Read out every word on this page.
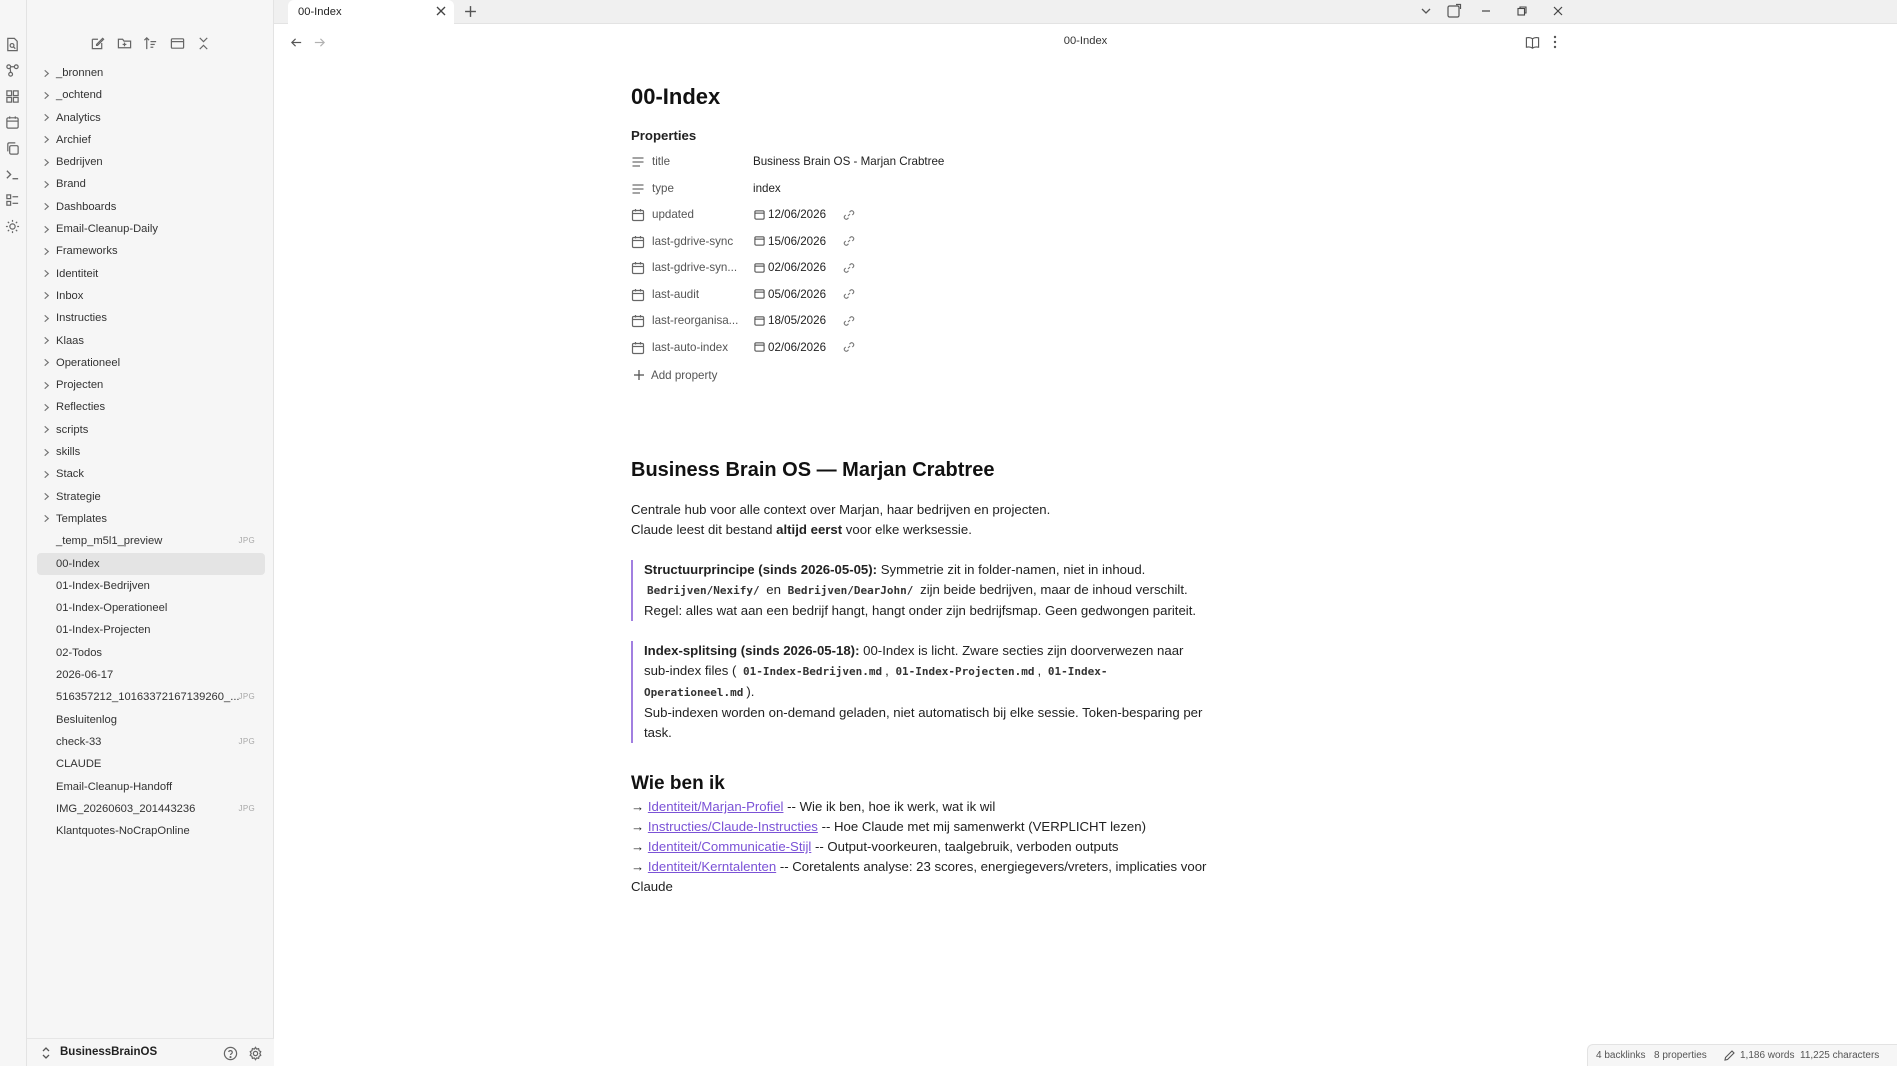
_bronnen
_ochtend
Analytics
Archief
Bedrijven
Brand
Dashboards
Email-Cleanup-Daily
Frameworks
Identiteit
Inbox
Instructies
Klaas
Operationeel
Projecten
Reflecties
scripts
skills
Stack
Strategie
Templates
_temp_m5l1_preview	JPG
00-Index
01-Index-Bedrijven
01-Index-Operationeel
01-Index-Projecten
02-Todos
2026-06-17
516357212_10163372167139260_...
JPG
Besluitenlog
check-33	JPG
CLAUDE
Email-Cleanup-Handoff
IMG_20260603_201443236	JPG
Klantquotes-NoCrapOnline
BusinessBrainOS
00-Index
00-Index
00-Index
Properties
title	Business Brain OS - Marjan Crabtree
type	index
updated	12/06/2026
last-gdrive-sync	15/06/2026
last-gdrive-syn...	02/06/2026
last-audit	05/06/2026
last-reorganisa...	18/05/2026
last-auto-index	02/06/2026
Add property
Business Brain OS — Marjan Crabtree

Centrale hub voor alle context over Marjan, haar bedrijven en projecten.
Claude leest dit bestand altijd eerst voor elke werksessie.

Structuurprincipe (sinds 2026-05-05): Symmetrie zit in folder-namen, niet in inhoud.
Bedrijven/Nexify/ en Bedrijven/DearJohn/ zijn beide bedrijven, maar de inhoud verschilt.
Regel: alles wat aan een bedrijf hangt, hangt onder zijn bedrijfsmap. Geen gedwongen pariteit.
Index-splitsing (sinds 2026-05-18): 00-Index is licht. Zware secties zijn doorverwezen naar sub-index files ( 01-Index-Bedrijven.md , 01-Index-Projecten.md , 01-Index-Operationeel.md ).
Sub-indexen worden on-demand geladen, niet automatisch bij elke sessie. Token-besparing per task.
Wie ben ik
→ Identiteit/Marjan-Profiel -- Wie ik ben, hoe ik werk, wat ik wil
→ Instructies/Claude-Instructies -- Hoe Claude met mij samenwerkt (VERPLICHT lezen)
→ Identiteit/Communicatie-Stijl -- Output-voorkeuren, taalgebruik, verboden outputs
→ Identiteit/Kerntalenten -- Coretalents analyse: 23 scores, energiegevers/vreters, implicaties voor Claude
4 backlinks 8 properties	1,186 words 11,225 characters
